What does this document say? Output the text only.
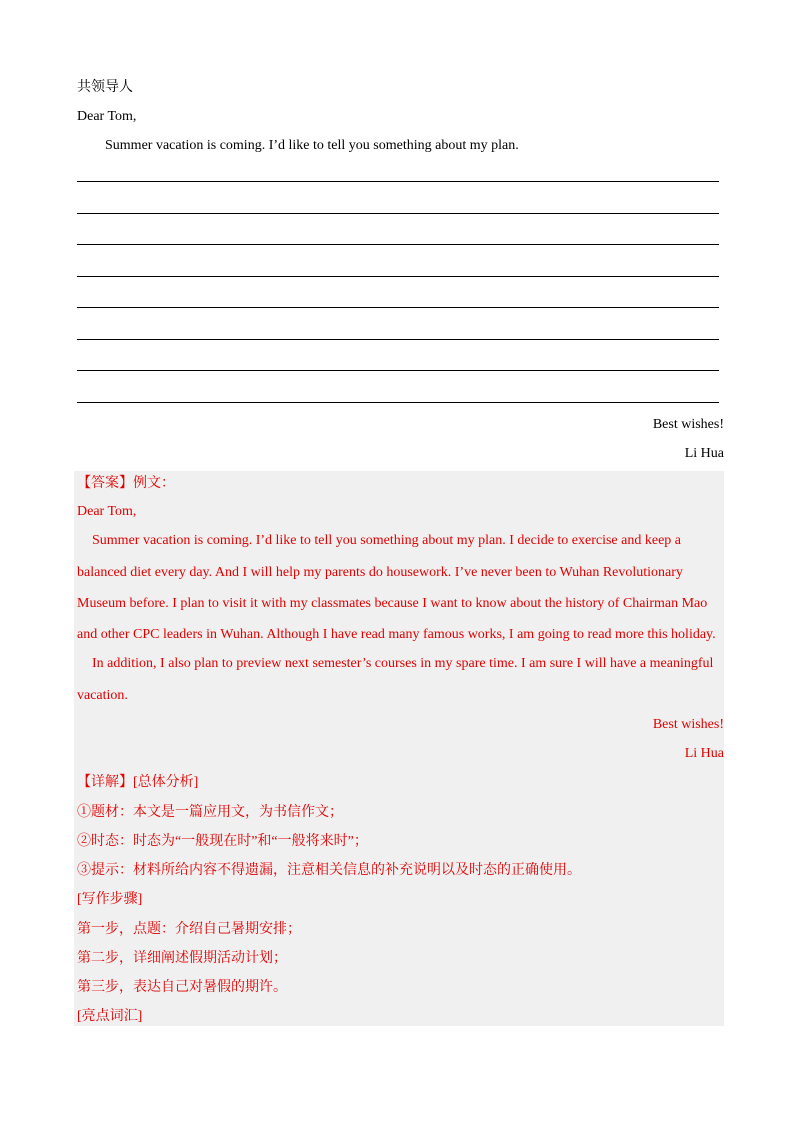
共领导人
Dear Tom,
Summer vacation is coming. I’d like to tell you something about my plan.
Best wishes!
Li Hua
【答案】例文：
Dear Tom,
Summer vacation is coming. I’d like to tell you something about my plan. I decide to exercise and keep a
balanced diet every day. And I will help my parents do housework. I’ve never been to Wuhan Revolutionary
Museum before. I plan to visit it with my classmates because I want to know about the history of Chairman Mao
and other CPC leaders in Wuhan. Although I have read many famous works, I am going to read more this holiday.
In addition, I also plan to preview next semester’s courses in my spare time. I am sure I will have a meaningful
vacation.
Best wishes!
Li Hua
【详解】[总体分析]
①题材：本文是一篇应用文，为书信作文；
②时态：时态为“一般现在时”和“一般将来时”；
③提示：材料所给内容不得遗漏，注意相关信息的补充说明以及时态的正确使用。
[写作步骤]
第一步，点题：介绍自己暑期安排；
第二步，详细阐述假期活动计划；
第三步，表达自己对暑假的期许。
[亮点词汇]
